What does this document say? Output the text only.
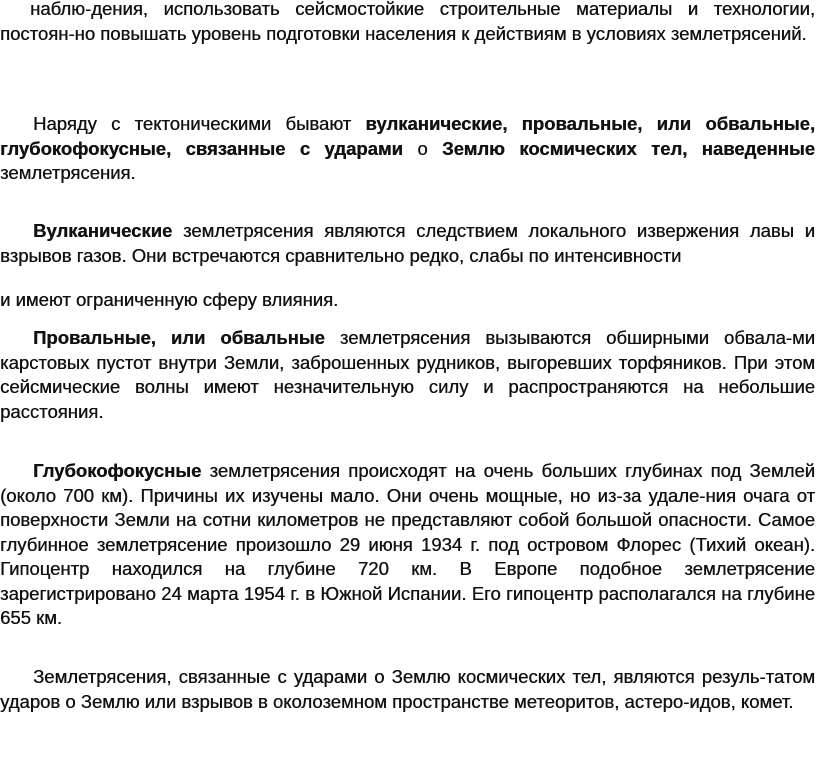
наблю-дения, использовать сейсмостойкие строительные материалы и технологии, постоян-но повышать уровень подготовки населения к действиям в условиях землетрясений.

Наряду с тектоническими бывают вулканические, провальные, или обвальные, глубокофокусные, связанные с ударами о Землю космических тел, наведенные землетрясения.

Вулканические землетрясения являются следствием локального извержения лавы и взрывов газов. Они встречаются сравнительно редко, слабы по интенсивности

и имеют ограниченную сферу влияния.

Провальные, или обвальные землетрясения вызываются обширными обвала-ми карстовых пустот внутри Земли, заброшенных рудников, выгоревших торфяников. При этом сейсмические волны имеют незначительную силу и распространяются на небольшие расстояния.

Глубокофокусные землетрясения происходят на очень больших глубинах под Землей (около 700 км). Причины их изучены мало. Они очень мощные, но из-за удале-ния очага от поверхности Земли на сотни километров не представляют собой большой опасности. Самое глубинное землетрясение произошло 29 июня 1934 г. под островом Флорес (Тихий океан). Гипоцентр находился на глубине 720 км. В Европе подобное землетрясение зарегистрировано 24 марта 1954 г. в Южной Испании. Его гипоцентр располагался на глубине 655 км.

Землетрясения, связанные с ударами о Землю космических тел, являются резуль-татом ударов о Землю или взрывов в околоземном пространстве метеоритов, астеро-идов, комет.
